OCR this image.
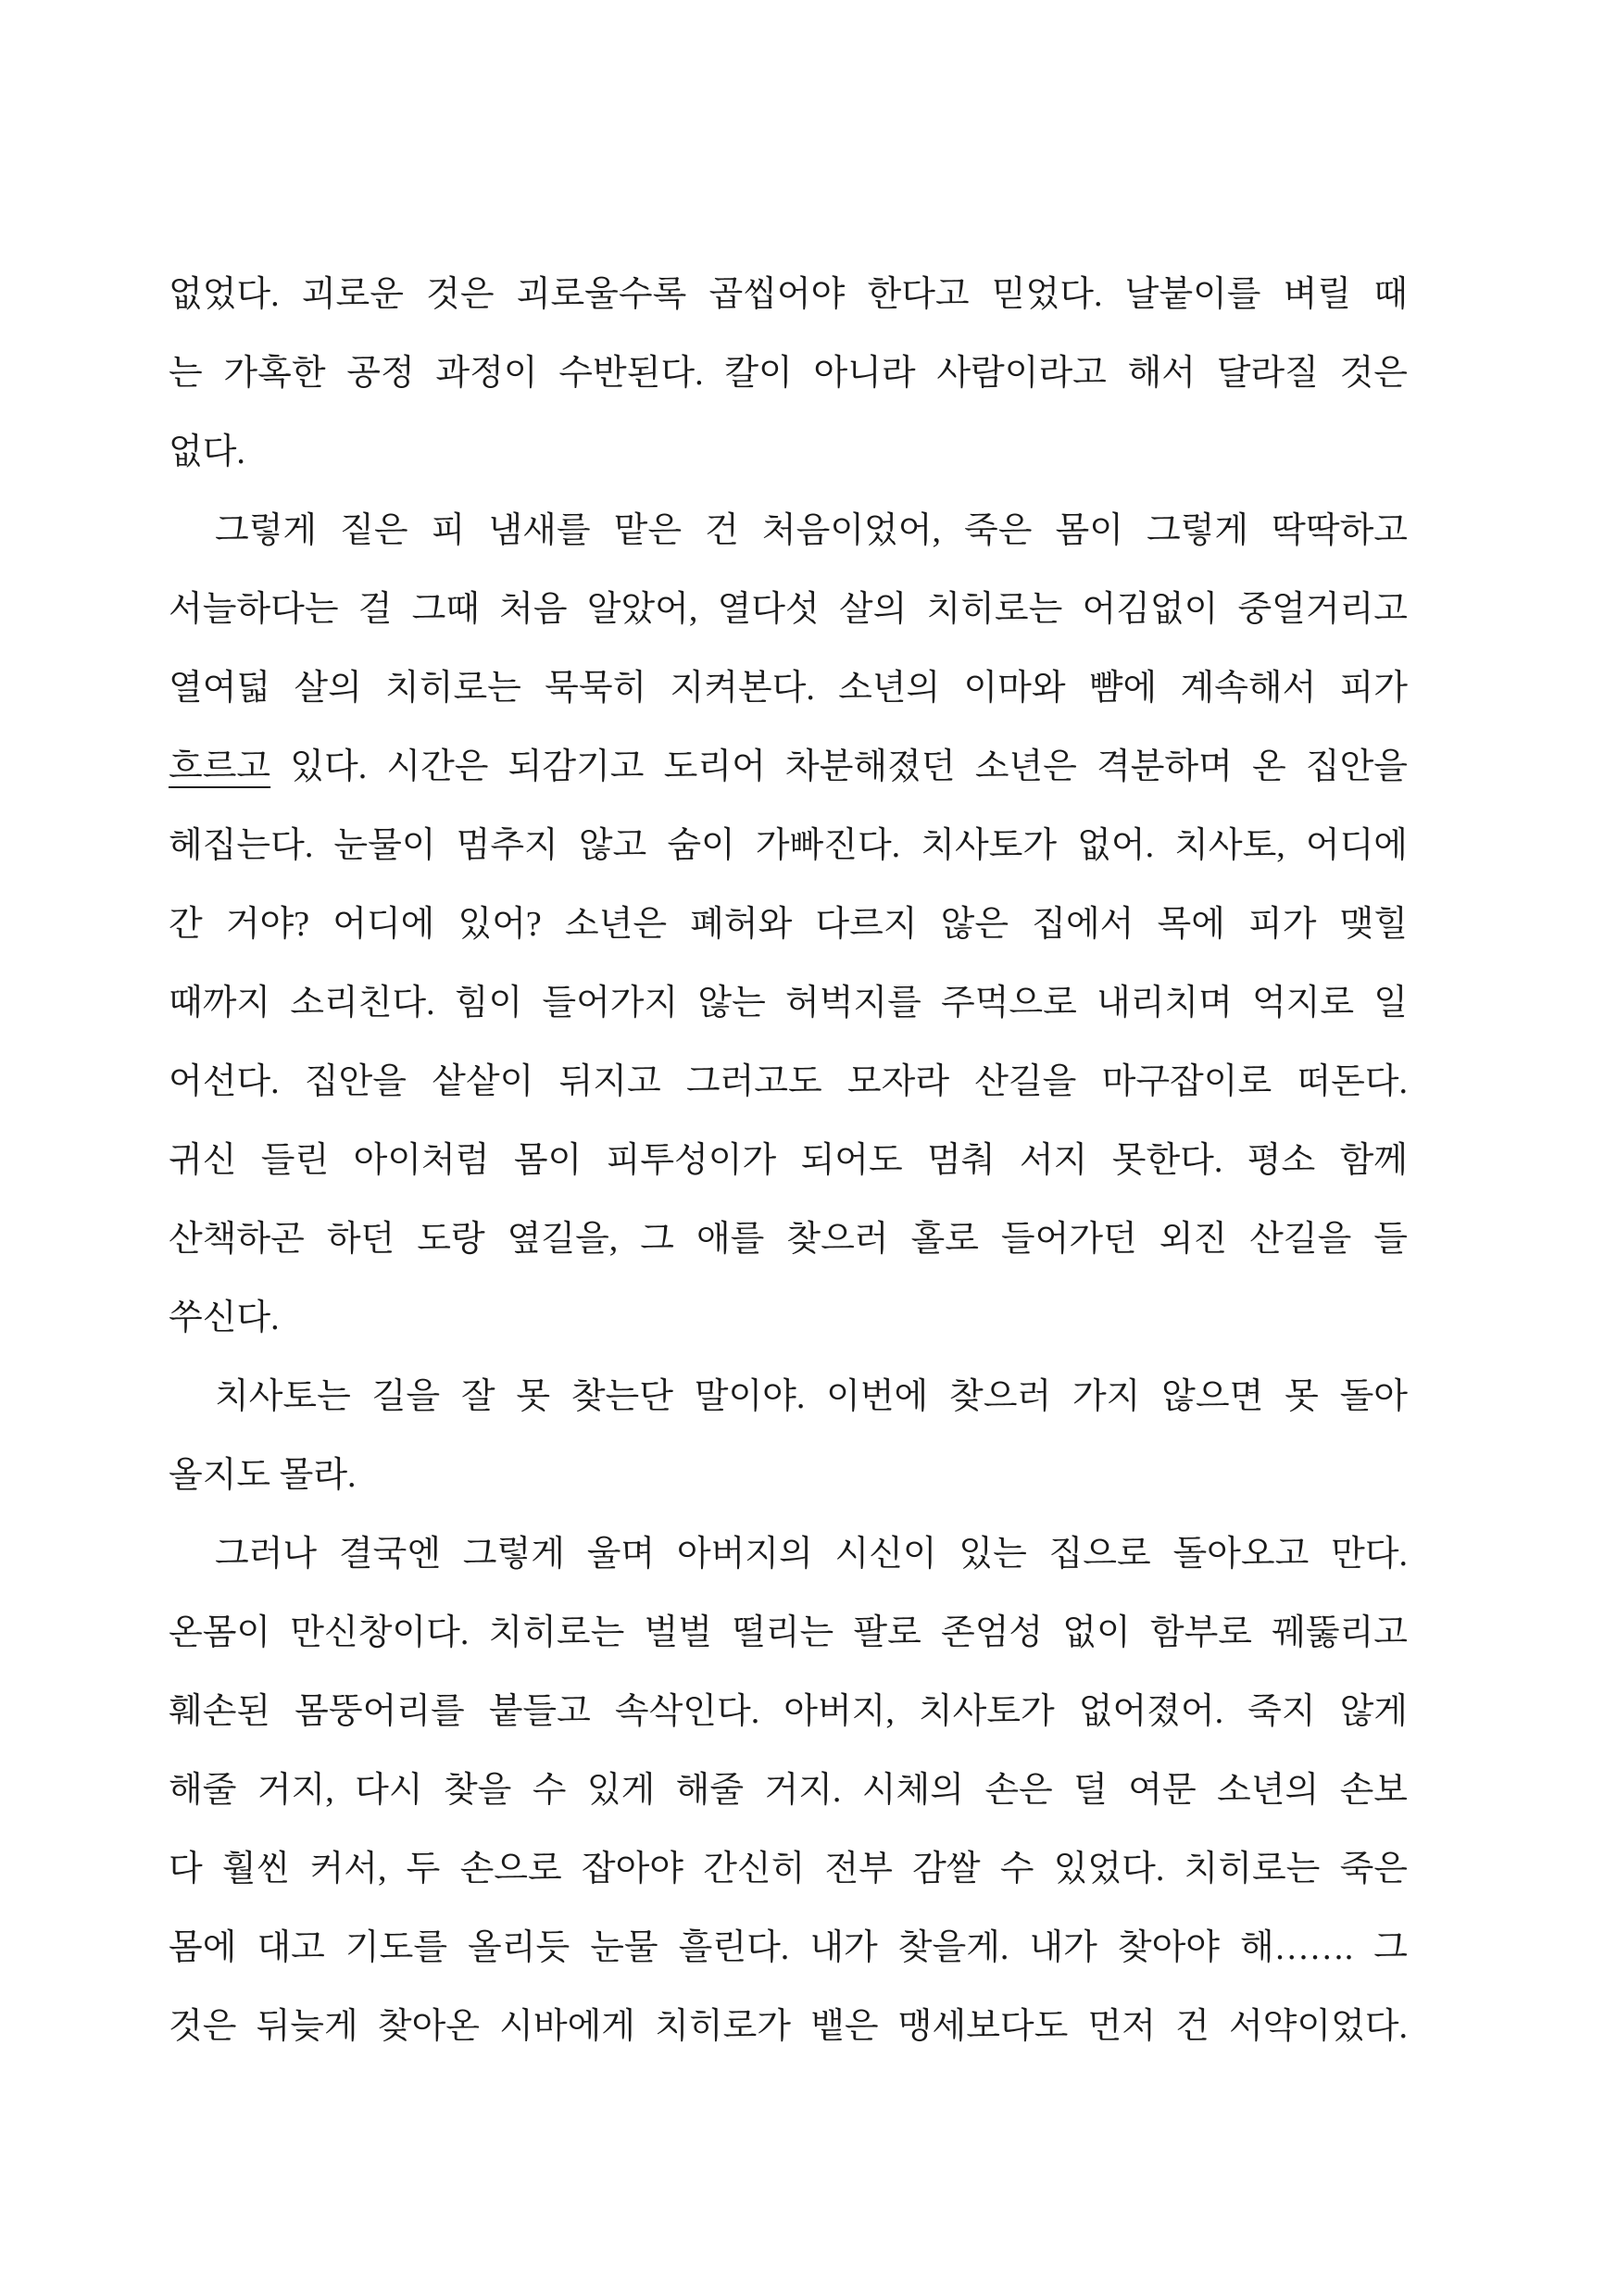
없었다. 괴로운 것은 괴로울수록 곱씹어야 한다고 믿었다. 날붙이를 벼릴 때
는 가혹한 공정 과정이 수반된다. 칼이 아니라 사람이라고 해서 달라질 것은
없다.
그렇게 짙은 피 냄새를 맡은 건 처음이었어, 죽은 몸이 그렇게 딱딱하고
서늘하다는 걸 그때 처음 알았어, 열다섯 살의 치히로는 어김없이 중얼거리고
열여덟 살의 치히로는 묵묵히 지켜본다. 소년의 이마와 뺨에 계속해서 피가
흐르고 있다. 시간은 되감기고 도리어 차분해졌던 소년은 격분하며 온 집안을
헤집는다. 눈물이 멈추지 않고 숨이 가빠진다. 치사토가 없어. 치사토, 어디에
간 거야? 어디에 있어? 소년은 폐허와 다르지 않은 집에서 목에 피가 맺힐
때까지 소리친다. 힘이 들어가지 않는 허벅지를 주먹으로 내리치며 억지로 일
어선다. 집안을 샅샅이 뒤지고 그러고도 모자라 산길을 마구잡이로 떠돈다.
귀신 들린 아이처럼 몸이 피투성이가 되어도 멈춰 서지 못한다. 평소 함께
산책하곤 하던 도랑 옆길을, 그 애를 찾으러 홀로 들어가던 외진 산길을 들
쑤신다.
치사토는 길을 잘 못 찾는단 말이야. 이번에 찾으러 가지 않으면 못 돌아
올지도 몰라.
그러나 결국엔 그렇게 울며 아버지의 시신이 있는 집으로 돌아오고 만다.
온몸이 만신창이다. 치히로는 벌벌 떨리는 팔로 존엄성 없이 함부로 꿰뚫리고
훼손된 몸뚱어리를 붙들고 속삭인다. 아버지, 치사토가 없어졌어. 죽지 않게
해줄 거지, 다시 찾을 수 있게 해줄 거지. 시체의 손은 덜 여문 소년의 손보
다 훨씬 커서, 두 손으로 잡아야 간신히 전부 감쌀 수 있었다. 치히로는 죽은
몸에 대고 기도를 올리듯 눈물 흘린다. 내가 찾을게. 내가 찾아야 해……. 그
것은 뒤늦게 찾아온 시바에게 치히로가 뱉은 맹세보다도 먼저 건 서약이었다.
